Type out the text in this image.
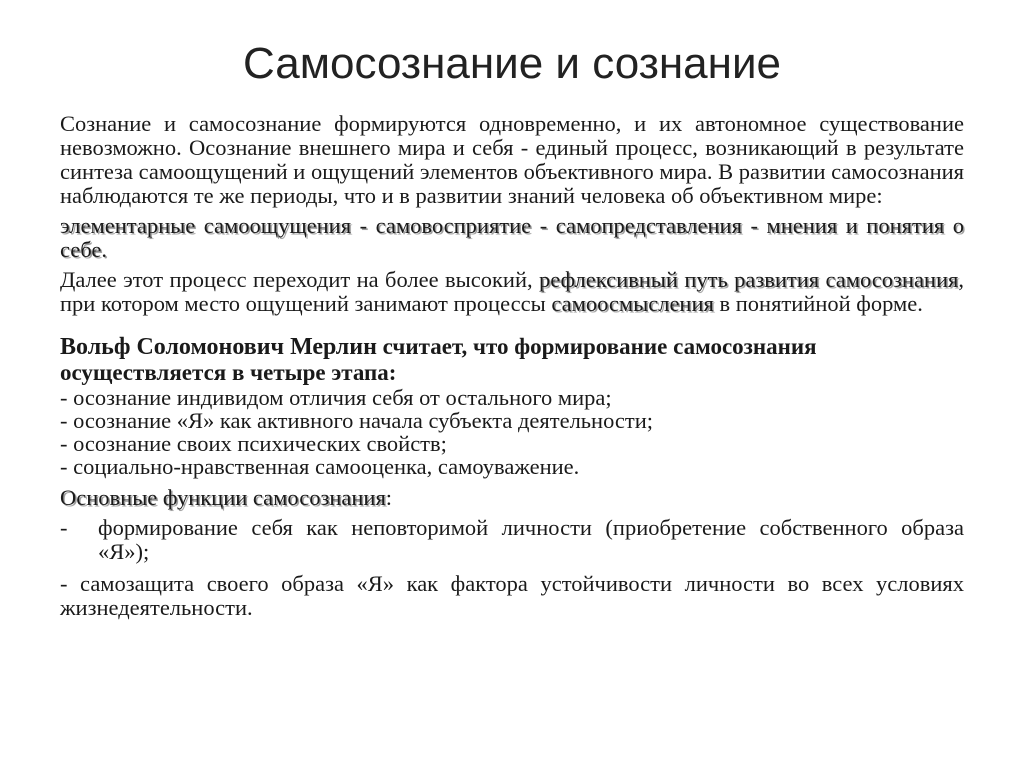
Самосознание и сознание

Сознание и самосознание формируются одновременно, и их автономное существование невозможно. Осознание внешнего мира и себя - единый процесс, возникающий в результате синтеза самоощущений и ощущений элементов объективного мира. В развитии самосознания наблюдаются те же периоды, что и в развитии знаний человека об объективном мире:

элементарные самоощущения - самовосприятие - самопредставления - мнения и понятия о себе.

Далее этот процесс переходит на более высокий, рефлексивный путь развития самосознания, при котором место ощущений занимают процессы самоосмысления в понятийной форме.

Вольф Соломонович Мерлин считает, что формирование самосознания осуществляется в четыре этапа:

- осознание индивидом отличия себя от остального мира;

- осознание «Я» как активного начала субъекта деятельности;

- осознание своих психических свойств;

- социально-нравственная самооценка, самоуважение.

Основные функции самосознания:

-	формирование себя как неповторимой личности (приобретение собственного образа «Я»);

- самозащита своего образа «Я» как фактора устойчивости личности во всех условиях жизнедеятельности.
